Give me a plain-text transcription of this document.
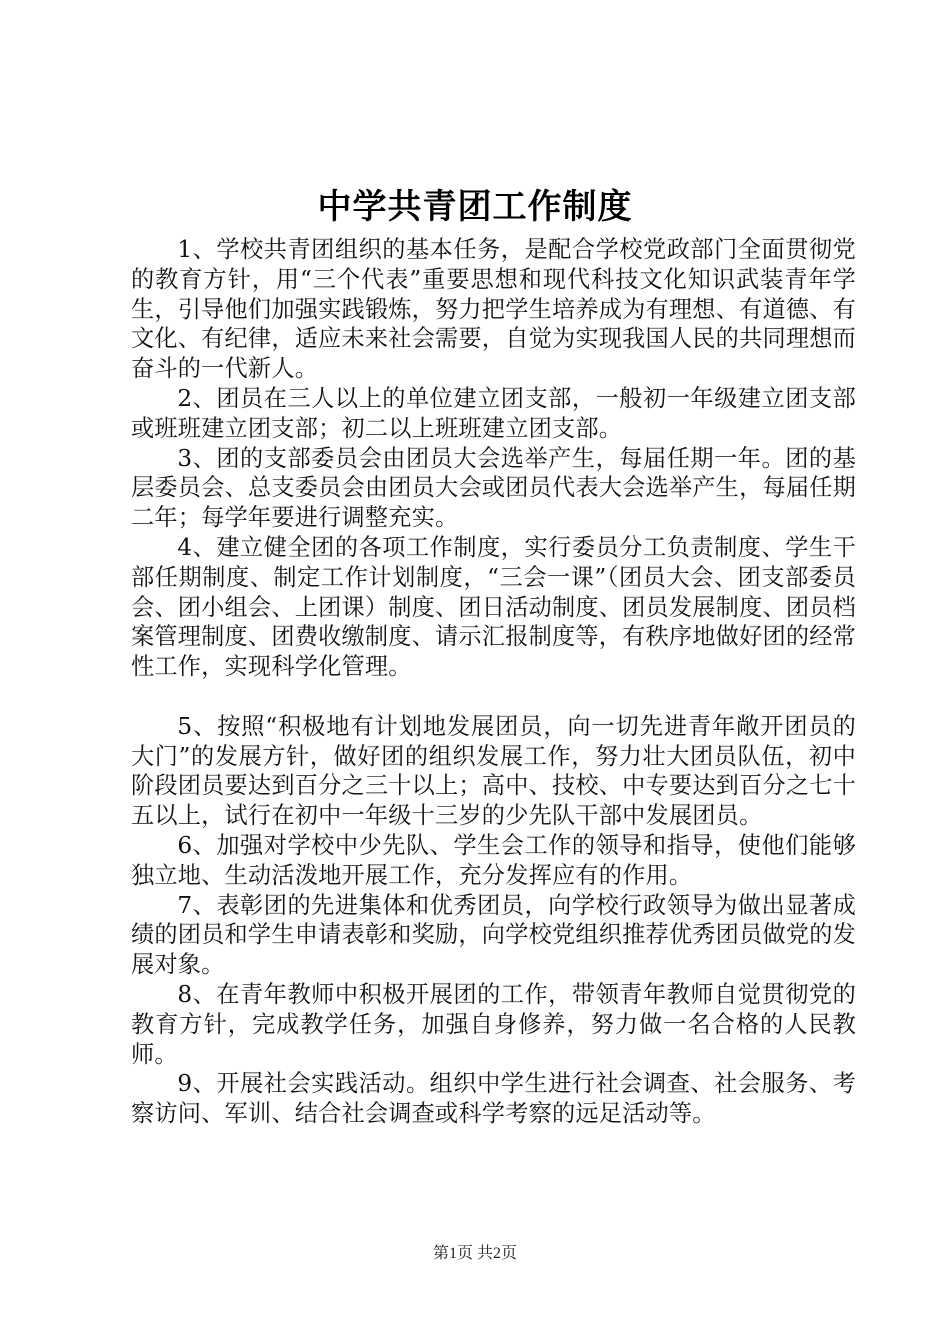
中学共青团工作制度

1、学校共青团组织的基本任务，是配合学校党政部门全面贯彻党的教育方针，用“三个代表”重要思想和现代科技文化知识武装青年学生，引导他们加强实践锻炼，努力把学生培养成为有理想、有道德、有文化、有纪律，适应未来社会需要，自觉为实现我国人民的共同理想而奋斗的一代新人。

2、团员在三人以上的单位建立团支部，一般初一年级建立团支部或班班建立团支部；初二以上班班建立团支部。

3、团的支部委员会由团员大会选举产生，每届任期一年。团的基层委员会、总支委员会由团员大会或团员代表大会选举产生，每届任期二年；每学年要进行调整充实。

4、建立健全团的各项工作制度，实行委员分工负责制度、学生干部任期制度、制定工作计划制度，“三会一课”（团员大会、团支部委员会、团小组会、上团课）制度、团日活动制度、团员发展制度、团员档案管理制度、团费收缴制度、请示汇报制度等，有秩序地做好团的经常性工作，实现科学化管理。

5、按照“积极地有计划地发展团员，向一切先进青年敞开团员的大门”的发展方针，做好团的组织发展工作，努力壮大团员队伍，初中阶段团员要达到百分之三十以上；高中、技校、中专要达到百分之七十五以上，试行在初中一年级十三岁的少先队干部中发展团员。

6、加强对学校中少先队、学生会工作的领导和指导，使他们能够独立地、生动活泼地开展工作，充分发挥应有的作用。

7、表彰团的先进集体和优秀团员，向学校行政领导为做出显著成绩的团员和学生申请表彰和奖励，向学校党组织推荐优秀团员做党的发展对象。

8、在青年教师中积极开展团的工作，带领青年教师自觉贯彻党的教育方针，完成教学任务，加强自身修养，努力做一名合格的人民教师。

9、开展社会实践活动。组织中学生进行社会调查、社会服务、考察访问、军训、结合社会调查或科学考察的远足活动等。

第1页 共2页
